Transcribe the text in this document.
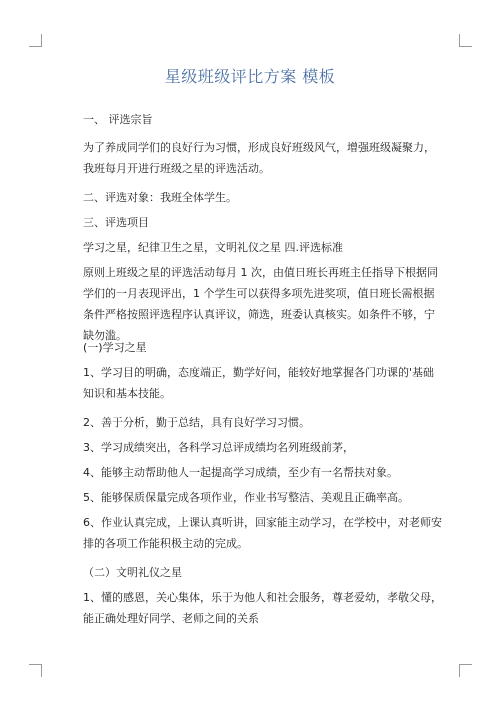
星级班级评比方案 模板

一、 评选宗旨

为了养成同学们的良好行为习惯，形成良好班级风气，增强班级凝聚力，我班每月开进行班级之星的评选活动。

二、评选对象：我班全体学生。

三、评选项目

学习之星，纪律卫生之星，文明礼仪之星 四.评选标准

原则上班级之星的评选活动每月 1 次，由值日班长再班主任指导下根据同学们的一月表现评出，1 个学生可以获得多项先进奖项，值日班长需根据条件严格按照评选程序认真评议，筛选，班委认真核实。如条件不够，宁缺勿滥。

(一)学习之星

1、学习目的明确，态度端正，勤学好问，能较好地掌握各门功课的'基础知识和基本技能。

2、善于分析，勤于总结，具有良好学习习惯。

3、学习成绩突出，各科学习总评成绩均名列班级前茅，

4、能够主动帮助他人一起提高学习成绩，至少有一名帮扶对象。

5、能够保质保量完成各项作业，作业书写整洁、美观且正确率高。

6、作业认真完成，上课认真听讲，回家能主动学习，在学校中，对老师安排的各项工作能积极主动的完成。

（二）文明礼仪之星

1、懂的感恩，关心集体，乐于为他人和社会服务，尊老爱幼，孝敬父母，能正确处理好同学、老师之间的关系
